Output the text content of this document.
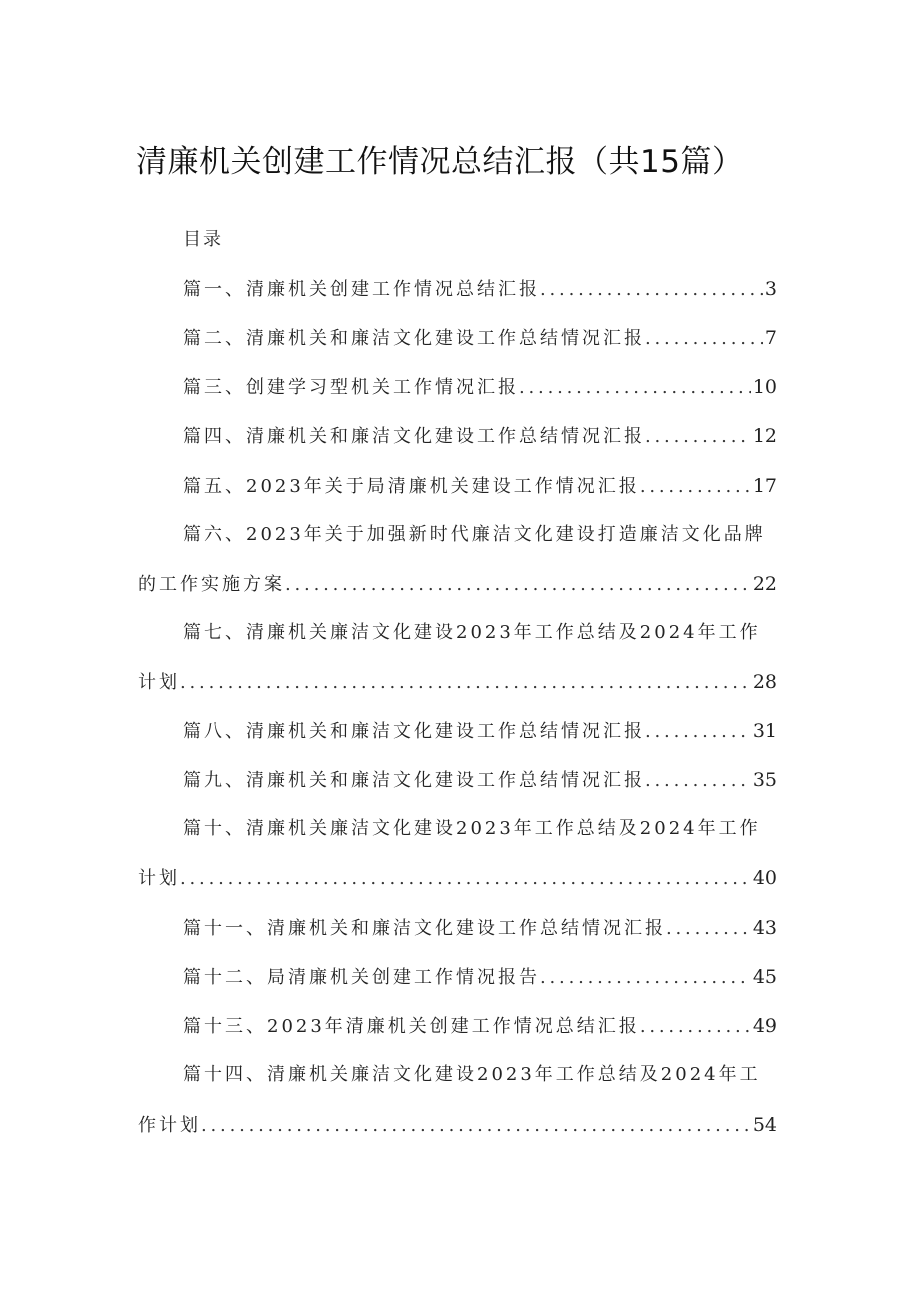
清廉机关创建工作情况总结汇报（共15篇）
目录
篇一、清廉机关创建工作情况总结汇报 .....	3
篇二、清廉机关和廉洁文化建设工作总结情况汇报 .....	7
篇三、创建学习型机关工作情况汇报 .....	10
篇四、清廉机关和廉洁文化建设工作总结情况汇报 .....	12
篇五、2023年关于局清廉机关建设工作情况汇报 .....	17
篇六、2023年关于加强新时代廉洁文化建设打造廉洁文化品牌
的工作实施方案 .....	22
篇七、清廉机关廉洁文化建设2023年工作总结及2024年工作
计划 .....	28
篇八、清廉机关和廉洁文化建设工作总结情况汇报 .....	31
篇九、清廉机关和廉洁文化建设工作总结情况汇报 .....	35
篇十、清廉机关廉洁文化建设2023年工作总结及2024年工作
计划 .....	40
篇十一、清廉机关和廉洁文化建设工作总结情况汇报 .....	43
篇十二、局清廉机关创建工作情况报告 .....	45
篇十三、2023年清廉机关创建工作情况总结汇报 .....	49
篇十四、清廉机关廉洁文化建设2023年工作总结及2024年工
作计划 .....	54
